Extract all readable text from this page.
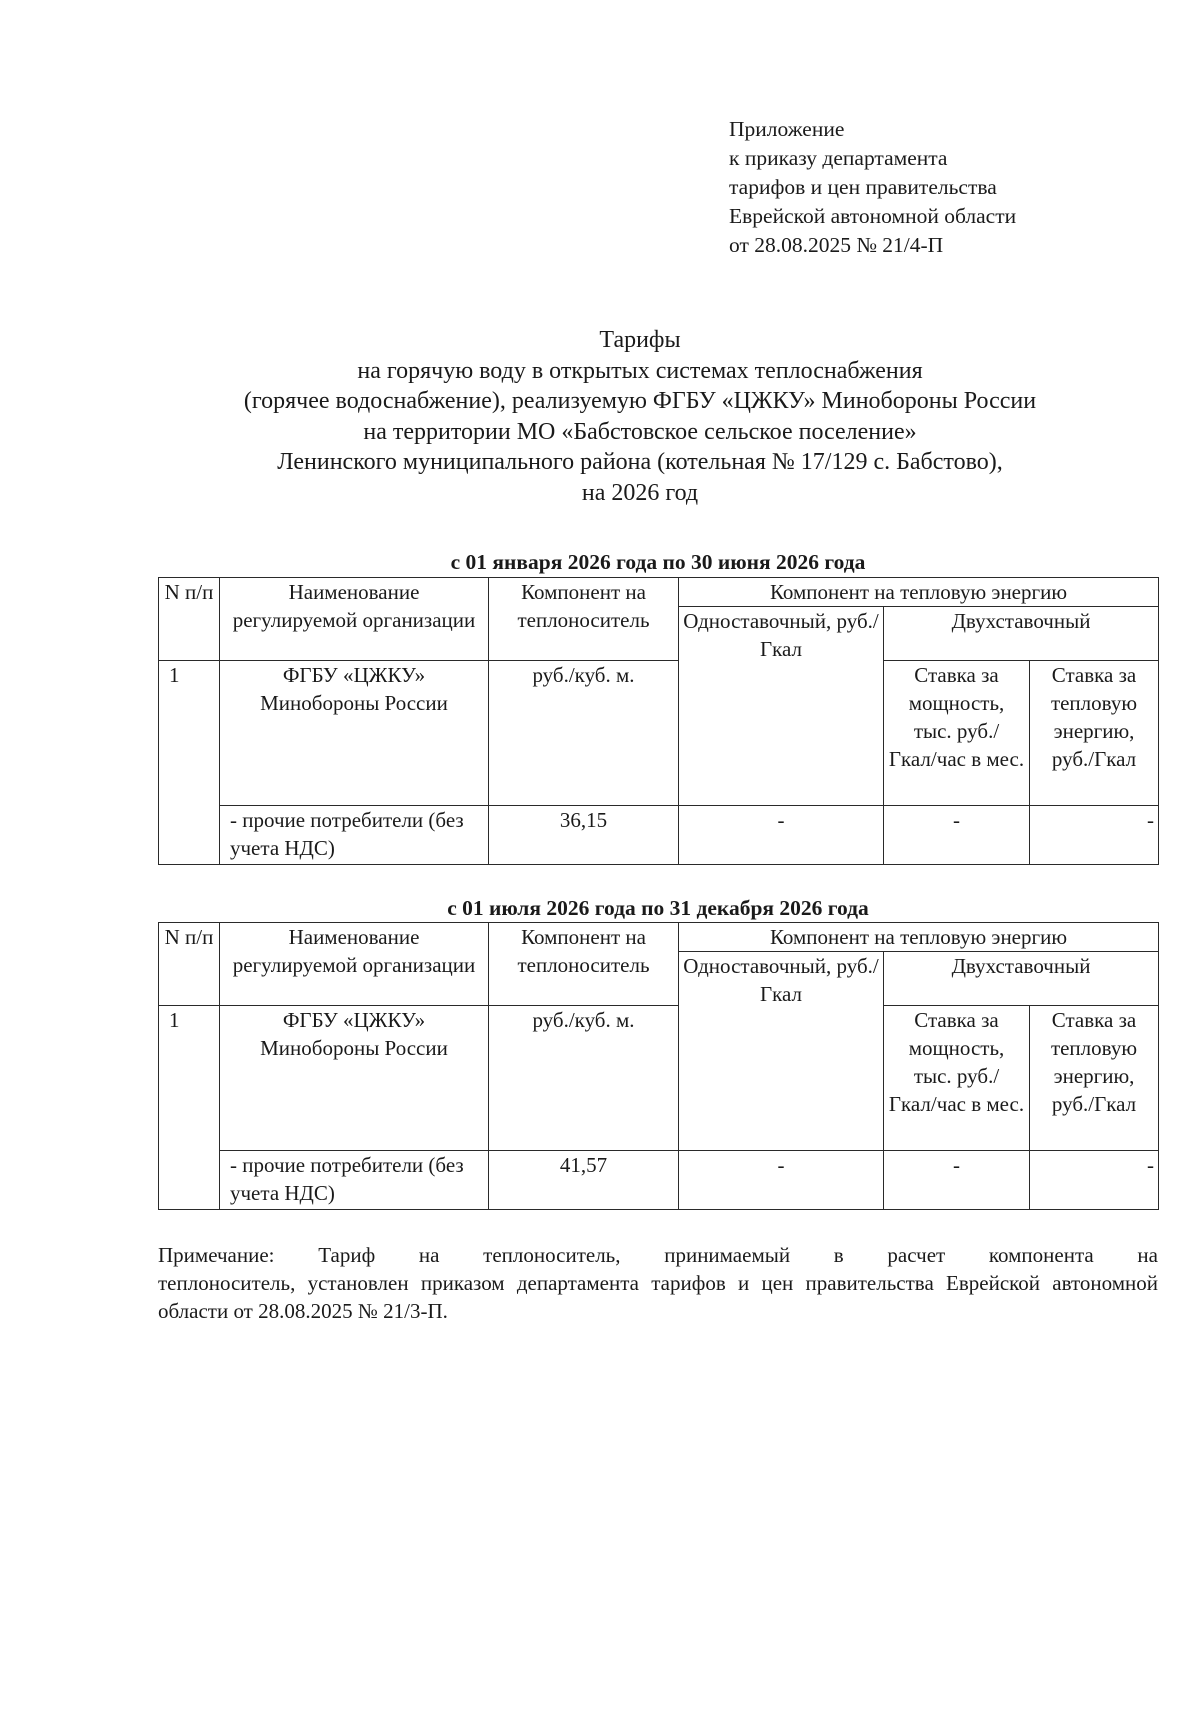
Приложение
к приказу департамента
тарифов и цен правительства
Еврейской автономной области
от 28.08.2025 № 21/4-П
Тарифы
на горячую воду в открытых системах теплоснабжения
(горячее водоснабжение), реализуемую ФГБУ «ЦЖКУ» Минобороны России
на территории МО «Бабстовское сельское поселение»
Ленинского муниципального района (котельная № 17/129 с. Бабстово),
на 2026 год
с 01 января 2026 года по 30 июня 2026 года
N п/п	Наименование регулируемой организации	Компонент на теплоноситель	Компонент на тепловую энергию		
			Одноставочный, руб./Гкал	Двухставочный	
1	ФГБУ «ЦЖКУ» Минобороны России	руб./куб. м.		Ставка за мощность, тыс. руб./ Гкал/час в мес.	Ставка за тепловую энергию, руб./Гкал
	- прочие потребители (без учета НДС)	36,15	-	-	-
с 01 июля 2026 года по 31 декабря 2026 года
N п/п	Наименование регулируемой организации	Компонент на теплоноситель	Компонент на тепловую энергию		
			Одноставочный, руб./Гкал	Двухставочный	
1	ФГБУ «ЦЖКУ» Минобороны России	руб./куб. м.		Ставка за мощность, тыс. руб./ Гкал/час в мес.	Ставка за тепловую энергию, руб./Гкал
	- прочие потребители (без учета НДС)	41,57	-	-	-
Примечание: Тариф на теплоноситель, принимаемый в расчет компонента на
теплоноситель, установлен приказом департамента тарифов и цен правительства Еврейской автономной области от 28.08.2025 № 21/3-П.
